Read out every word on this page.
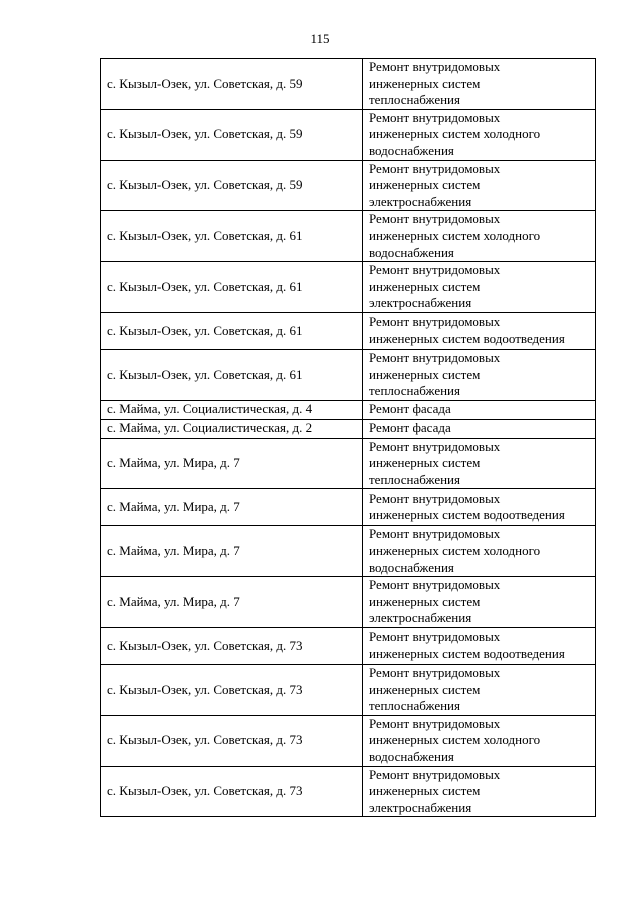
115
с. Кызыл-Озек, ул. Советская, д. 59	Ремонт внутридомовых
инженерных систем
теплоснабжения
с. Кызыл-Озек, ул. Советская, д. 59	Ремонт внутридомовых
инженерных систем холодного
водоснабжения
с. Кызыл-Озек, ул. Советская, д. 59	Ремонт внутридомовых
инженерных систем
электроснабжения
с. Кызыл-Озек, ул. Советская, д. 61	Ремонт внутридомовых
инженерных систем холодного
водоснабжения
с. Кызыл-Озек, ул. Советская, д. 61	Ремонт внутридомовых
инженерных систем
электроснабжения
с. Кызыл-Озек, ул. Советская, д. 61	Ремонт внутридомовых
инженерных систем водоотведения
с. Кызыл-Озек, ул. Советская, д. 61	Ремонт внутридомовых
инженерных систем
теплоснабжения
с. Майма, ул. Социалистическая, д. 4	Ремонт фасада
с. Майма, ул. Социалистическая, д. 2	Ремонт фасада
с. Майма, ул. Мира, д. 7	Ремонт внутридомовых
инженерных систем
теплоснабжения
с. Майма, ул. Мира, д. 7	Ремонт внутридомовых
инженерных систем водоотведения
с. Майма, ул. Мира, д. 7	Ремонт внутридомовых
инженерных систем холодного
водоснабжения
с. Майма, ул. Мира, д. 7	Ремонт внутридомовых
инженерных систем
электроснабжения
с. Кызыл-Озек, ул. Советская, д. 73	Ремонт внутридомовых
инженерных систем водоотведения
с. Кызыл-Озек, ул. Советская, д. 73	Ремонт внутридомовых
инженерных систем
теплоснабжения
с. Кызыл-Озек, ул. Советская, д. 73	Ремонт внутридомовых
инженерных систем холодного
водоснабжения
с. Кызыл-Озек, ул. Советская, д. 73	Ремонт внутридомовых
инженерных систем
электроснабжения
